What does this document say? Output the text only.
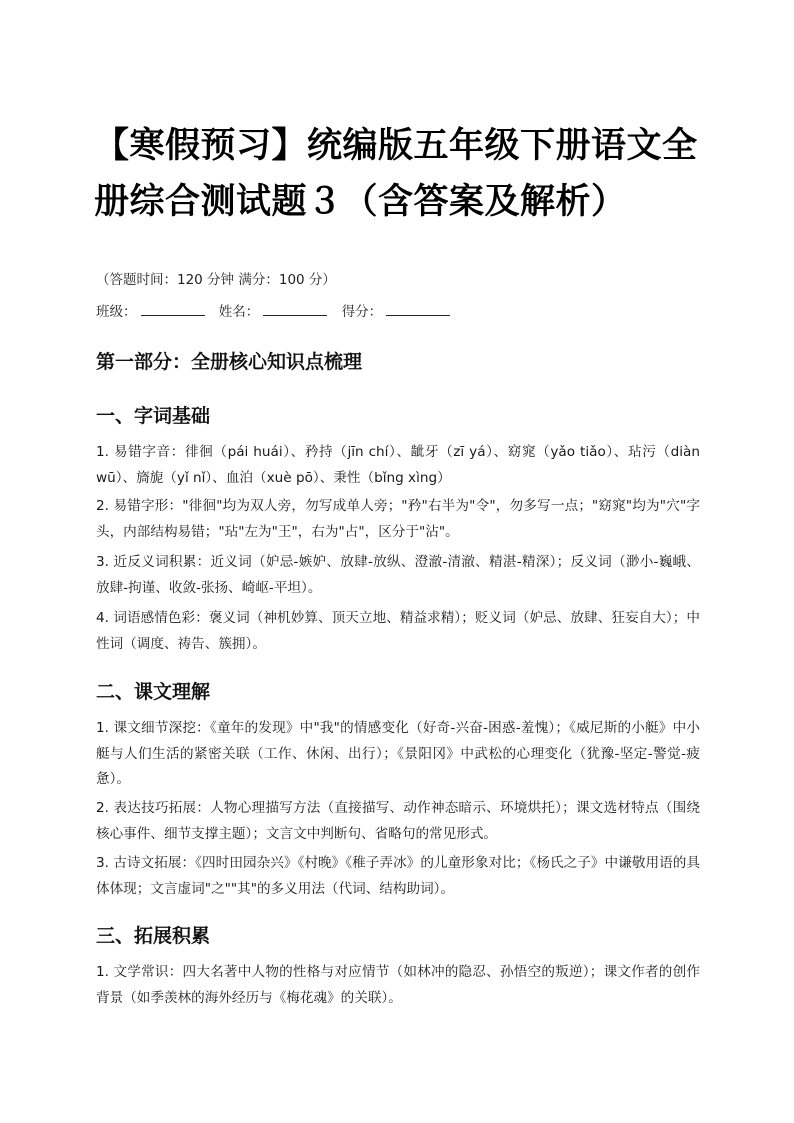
【寒假预习】统编版五年级下册语文全册综合测试题３（含答案及解析）

（答题时间：120 分钟 满分：100 分）

班级：	姓名：	得分：

第一部分：全册核心知识点梳理
一、字词基础

1. 易错字音：徘徊（pái huái）、矜持（jīn chí）、龇牙（zī yá）、窈窕（yǎo tiǎo）、玷污（diàn wū）、旖旎（yǐ nǐ）、血泊（xuè pō）、秉性（bǐng xìng）

2. 易错字形："徘徊"均为双人旁，勿写成单人旁；"矜"右半为"令"，勿多写一点；"窈窕"均为"穴"字头，内部结构易错；"玷"左为"王"，右为"占"，区分于"沾"。

3. 近反义词积累：近义词（妒忌-嫉妒、放肆-放纵、澄澈-清澈、精湛-精深）；反义词（渺小-巍峨、放肆-拘谨、收敛-张扬、崎岖-平坦）。

4. 词语感情色彩：褒义词（神机妙算、顶天立地、精益求精）；贬义词（妒忌、放肆、狂妄自大）；中性词（调度、祷告、簇拥）。

二、课文理解

1. 课文细节深挖：《童年的发现》中"我"的情感变化（好奇-兴奋-困惑-羞愧）；《威尼斯的小艇》中小艇与人们生活的紧密关联（工作、休闲、出行）；《景阳冈》中武松的心理变化（犹豫-坚定-警觉-疲惫）。

2. 表达技巧拓展：人物心理描写方法（直接描写、动作神态暗示、环境烘托）；课文选材特点（围绕核心事件、细节支撑主题）；文言文中判断句、省略句的常见形式。

3. 古诗文拓展：《四时田园杂兴》《村晚》《稚子弄冰》的儿童形象对比；《杨氏之子》中谦敬用语的具体体现；文言虚词"之""其"的多义用法（代词、结构助词）。

三、拓展积累

1. 文学常识：四大名著中人物的性格与对应情节（如林冲的隐忍、孙悟空的叛逆）；课文作者的创作背景（如季羡林的海外经历与《梅花魂》的关联）。
